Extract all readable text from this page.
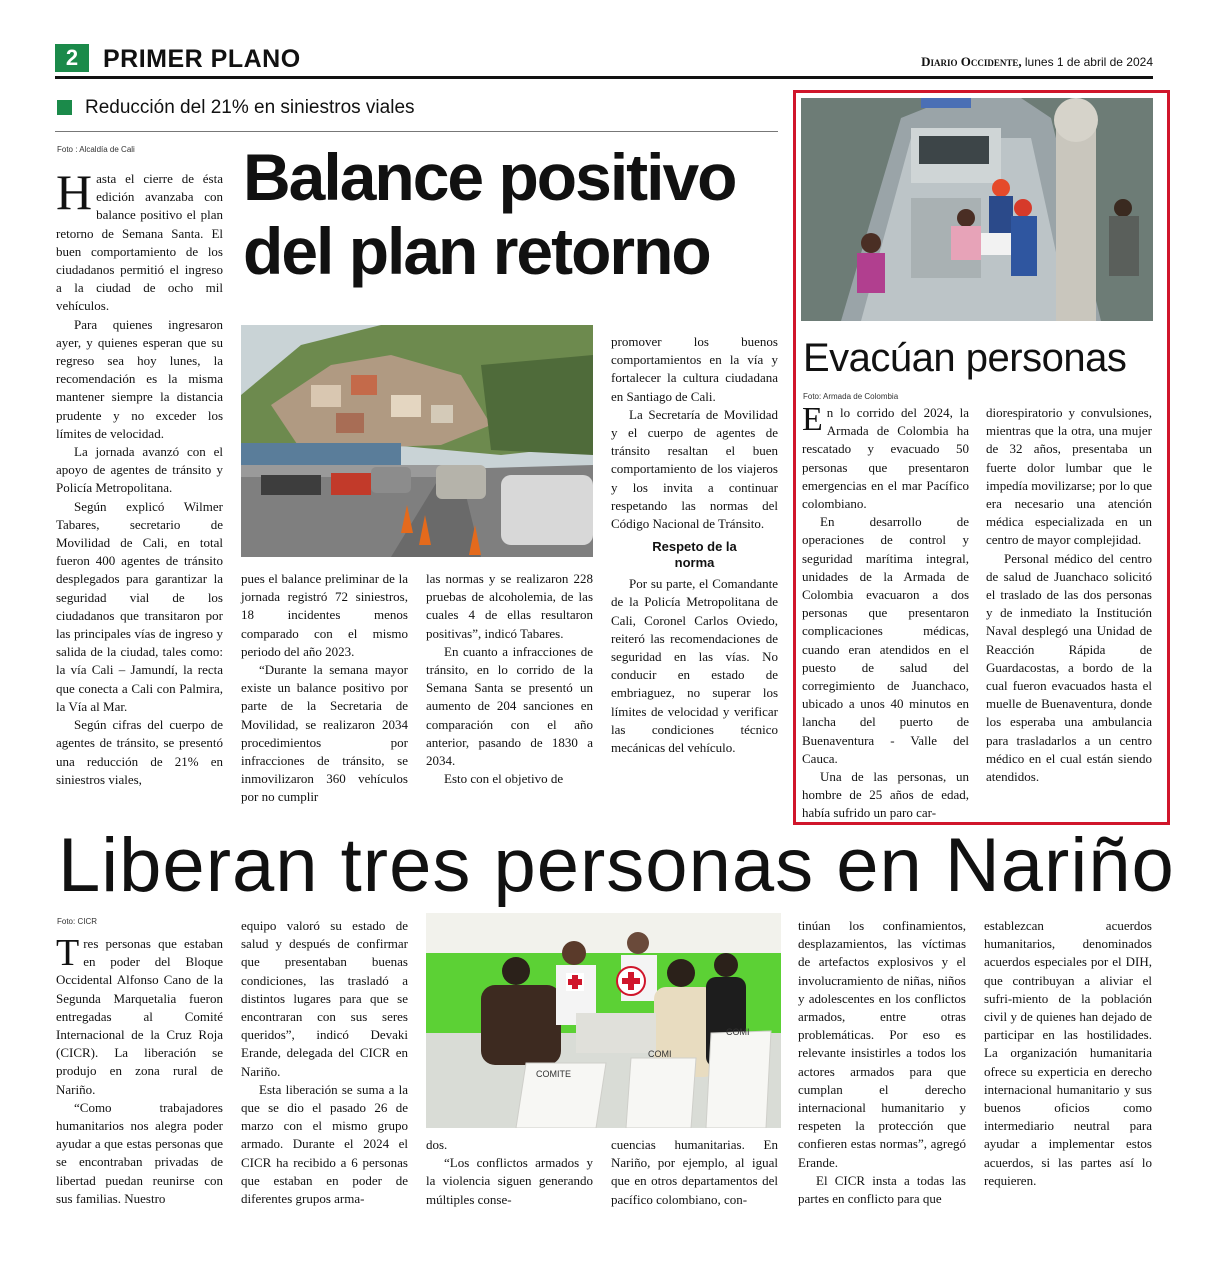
2 PRIMER PLANO	Diario Occidente, lunes 1 de abril de 2024
Reducción del 21% en siniestros viales
Foto : Alcaldía de Cali Balance positivo
del plan retorno
H asta el cierre de ésta edición avanzaba con balance positivo el plan retorno de Semana Santa. El buen comportamiento de los ciudadanos permitió el ingreso a la ciudad de ocho mil vehículos.

Para quienes ingresaron ayer, y quienes esperan que su regreso sea hoy lunes, la recomendación es la misma mantener siempre la distancia prudente y no exceder los límites de velocidad.

La jornada avanzó con el apoyo de agentes de tránsito y Policía Metropolitana.

Según explicó Wilmer Tabares, secretario de Movilidad de Cali, en total fueron 400 agentes de tránsito desplegados para garantizar la seguridad vial de los ciudadanos que transitaron por las principales vías de ingreso y salida de la ciudad, tales como: la vía Cali – Jamundí, la recta que conecta a Cali con Palmira, la Vía al Mar.

Según cifras del cuerpo de agentes de tránsito, se presentó una reducción de 21% en siniestros viales,

pues el balance preliminar de la jornada registró 72 siniestros, 18 incidentes menos comparado con el mismo periodo del año 2023.

“Durante la semana mayor existe un balance positivo por parte de la Secretaria de Movilidad, se realizaron 2034 procedimientos por infracciones de tránsito, se inmovilizaron 360 vehículos por no cumplir

las normas y se realizaron 228 pruebas de alcoholemia, de las cuales 4 de ellas resultaron positivas”, indicó Tabares.

En cuanto a infracciones de tránsito, en lo corrido de la Semana Santa se presentó un aumento de 204 sanciones en comparación con el año anterior, pasando de 1830 a 2034.

Esto con el objetivo de

promover los buenos comportamientos en la vía y fortalecer la cultura ciudadana en Santiago de Cali.

La Secretaría de Movilidad y el cuerpo de agentes de tránsito resaltan el buen comportamiento de los viajeros y los invita a continuar respetando las normas del Código Nacional de Tránsito.

Respeto de la norma

Por su parte, el Comandante de la Policía Metropolitana de Cali, Coronel Carlos Oviedo, reiteró las recomendaciones de seguridad en las vías. No conducir en estado de embriaguez, no superar los límites de velocidad y verificar las condiciones técnico mecánicas del vehículo.

Evacúan personas
Foto: Armada de Colombia
E n lo corrido del 2024, la Armada de Colombia ha rescatado y evacuado 50 personas que presentaron emergencias en el mar Pacífico colombiano.

En desarrollo de operaciones de control y seguridad marítima integral, unidades de la Armada de Colombia evacuaron a dos personas que presentaron complicaciones médicas, cuando eran atendidos en el puesto de salud del corregimiento de Juanchaco, ubicado a unos 40 minutos en lancha del puerto de Buenaventura - Valle del Cauca.

Una de las personas, un hombre de 25 años de edad, había sufrido un paro car-

diorespiratorio y convulsiones, mientras que la otra, una mujer de 32 años, presentaba un fuerte dolor lumbar que le impedía movilizarse; por lo que era necesario una atención médica especializada en un centro de mayor complejidad.

Personal médico del centro de salud de Juanchaco solicitó el traslado de las dos personas y de inmediato la Institución Naval desplegó una Unidad de Reacción Rápida de Guardacostas, a bordo de la cual fueron evacuados hasta el muelle de Buenaventura, donde los esperaba una ambulancia para trasladarlos a un centro médico en el cual están siendo atendidos.

Liberan tres personas en Nariño
Foto: CICR
T res personas que estaban en poder del Bloque Occidental Alfonso Cano de la Segunda Marquetalia fueron entregadas al Comité Internacional de la Cruz Roja (CICR). La liberación se produjo en zona rural de Nariño.

“Como trabajadores humanitarios nos alegra poder ayudar a que estas personas que se encontraban privadas de libertad puedan reunirse con sus familias. Nuestro

equipo valoró su estado de salud y después de confirmar que presentaban buenas condiciones, las trasladó a distintos lugares para que se encontraran con sus seres queridos”, indicó Devaki Erande, delegada del CICR en Nariño.

Esta liberación se suma a la que se dio el pasado 26 de marzo con el mismo grupo armado. Durante el 2024 el CICR ha recibido a 6 personas que estaban en poder de diferentes grupos arma-

COMITE
COMI
COMI

dos.

“Los conflictos armados y la violencia siguen generando múltiples conse-

cuencias humanitarias. En Nariño, por ejemplo, al igual que en otros departamentos del pacífico colombiano, con-

tinúan los confinamientos, desplazamientos, las víctimas de artefactos explosivos y el involucramiento de niñas, niños y adolescentes en los conflictos armados, entre otras problemáticas. Por eso es relevante insistirles a todos los actores armados para que cumplan el derecho internacional humanitario y respeten la protección que confieren estas normas”, agregó Erande.

El CICR insta a todas las partes en conflicto para que

establezcan acuerdos humanitarios, denominados acuerdos especiales por el DIH, que contribuyan a aliviar el sufri-miento de la población civil y de quienes han dejado de participar en las hostilidades. La organización humanitaria ofrece su experticia en derecho internacional humanitario y sus buenos oficios como intermediario neutral para ayudar a implementar estos acuerdos, si las partes así lo requieren.
